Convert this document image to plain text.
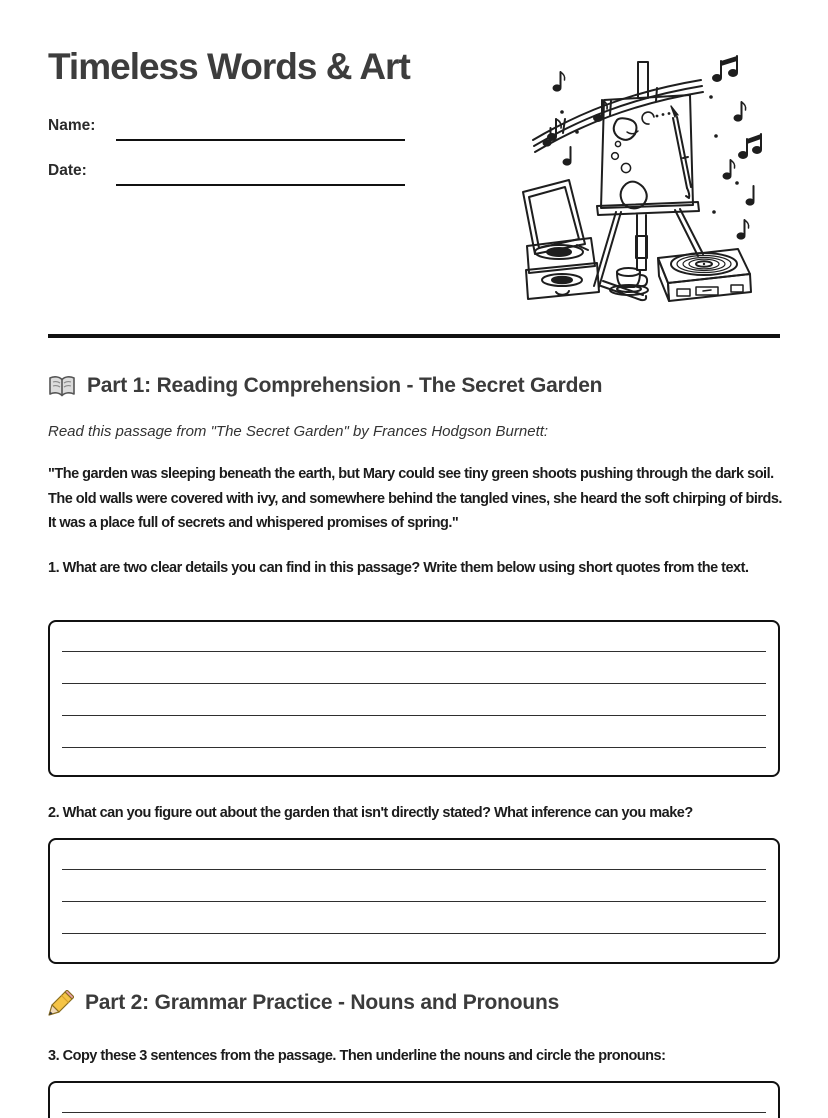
Timeless Words & Art
Name:
Date:
Part 1: Reading Comprehension - The Secret Garden
Read this passage from "The Secret Garden" by Frances Hodgson Burnett:
"The garden was sleeping beneath the earth, but Mary could see tiny green shoots pushing through the dark soil. The old walls were covered with ivy, and somewhere behind the tangled vines, she heard the soft chirping of birds. It was a place full of secrets and whispered promises of spring."
1. What are two clear details you can find in this passage? Write them below using short quotes from the text.
2. What can you figure out about the garden that isn't directly stated? What inference can you make?
Part 2: Grammar Practice - Nouns and Pronouns
3. Copy these 3 sentences from the passage. Then underline the nouns and circle the pronouns:
